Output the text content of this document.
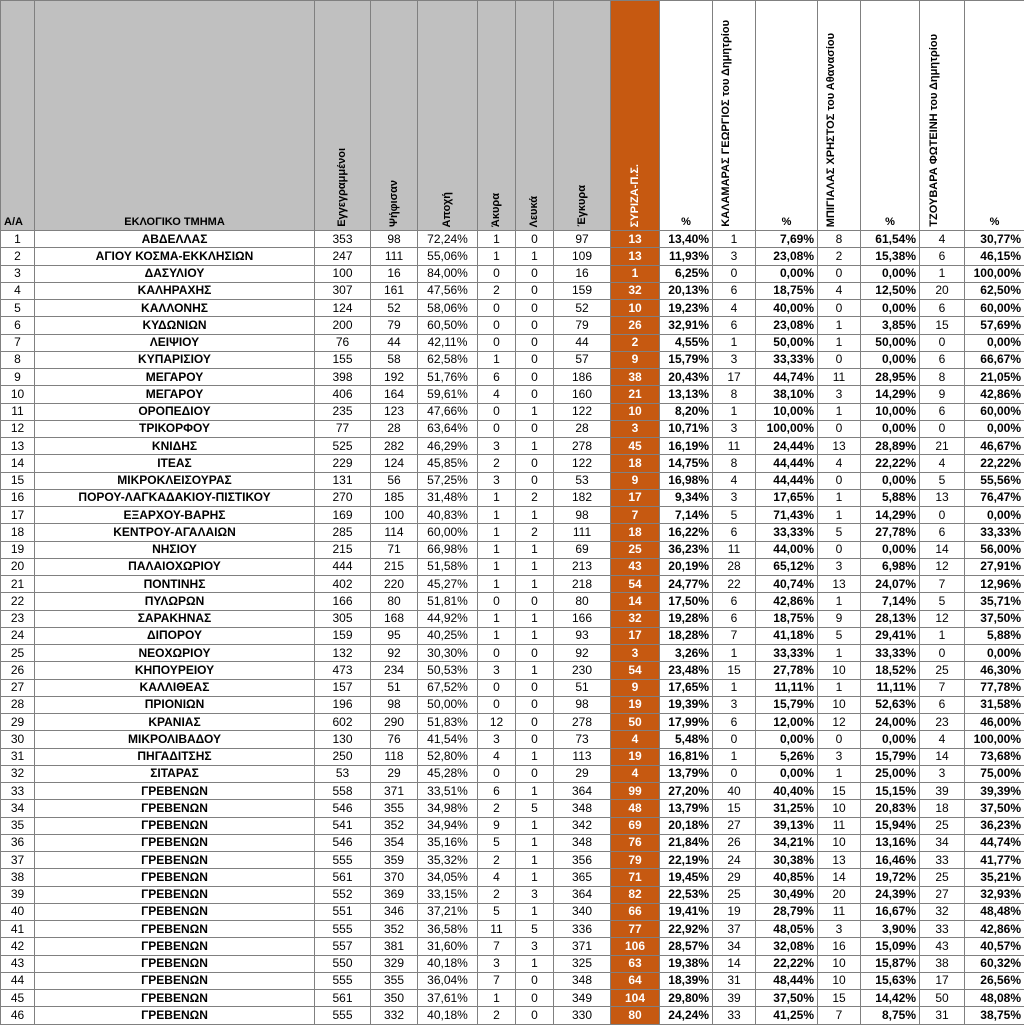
Α/Α	ΕΚΛΟΓΙΚΟ ΤΜΗΜΑ	Εγγεγραμμένοι	Ψήφισαν	Αποχή	Άκυρα	Λευκά	Έγκυρα	ΣΥΡΙΖΑ-Π.Σ.	%	ΚΑΛΑΜΑΡΑΣ ΓΕΩΡΓΙΟΣ του Δημητρίου	%	ΜΠΙΓΙΑΛΑΣ ΧΡΗΣΤΟΣ του Αθανασίου	%	ΤΖΟΥΒΑΡΑ ΦΩΤΕΙΝΗ του Δημητρίου	%

1	ΑΒΔΕΛΛΑΣ	353	98	72,24%	1	0	97	13	13,40%	1	7,69%	8	61,54%	4	30,77%
2	ΑΓΙΟΥ ΚΟΣΜΑ-ΕΚΚΛΗΣΙΩΝ	247	111	55,06%	1	1	109	13	11,93%	3	23,08%	2	15,38%	6	46,15%
3	ΔΑΣΥΛΙΟΥ	100	16	84,00%	0	0	16	1	6,25%	0	0,00%	0	0,00%	1	100,00%
4	ΚΑΛΗΡΑΧΗΣ	307	161	47,56%	2	0	159	32	20,13%	6	18,75%	4	12,50%	20	62,50%
5	ΚΑΛΛΟΝΗΣ	124	52	58,06%	0	0	52	10	19,23%	4	40,00%	0	0,00%	6	60,00%
6	ΚΥΔΩΝΙΩΝ	200	79	60,50%	0	0	79	26	32,91%	6	23,08%	1	3,85%	15	57,69%
7	ΛΕΙΨΙΟΥ	76	44	42,11%	0	0	44	2	4,55%	1	50,00%	1	50,00%	0	0,00%
8	ΚΥΠΑΡΙΣΙΟΥ	155	58	62,58%	1	0	57	9	15,79%	3	33,33%	0	0,00%	6	66,67%
9	ΜΕΓΑΡΟΥ	398	192	51,76%	6	0	186	38	20,43%	17	44,74%	11	28,95%	8	21,05%
10	ΜΕΓΑΡΟΥ	406	164	59,61%	4	0	160	21	13,13%	8	38,10%	3	14,29%	9	42,86%
11	ΟΡΟΠΕΔΙΟΥ	235	123	47,66%	0	1	122	10	8,20%	1	10,00%	1	10,00%	6	60,00%
12	ΤΡΙΚΟΡΦΟΥ	77	28	63,64%	0	0	28	3	10,71%	3	100,00%	0	0,00%	0	0,00%
13	ΚΝΙΔΗΣ	525	282	46,29%	3	1	278	45	16,19%	11	24,44%	13	28,89%	21	46,67%
14	ΙΤΕΑΣ	229	124	45,85%	2	0	122	18	14,75%	8	44,44%	4	22,22%	4	22,22%
15	ΜΙΚΡΟΚΛΕΙΣΟΥΡΑΣ	131	56	57,25%	3	0	53	9	16,98%	4	44,44%	0	0,00%	5	55,56%
16	ΠΟΡΟΥ-ΛΑΓΚΑΔΑΚΙΟΥ-ΠΙΣΤΙΚΟΥ	270	185	31,48%	1	2	182	17	9,34%	3	17,65%	1	5,88%	13	76,47%
17	ΕΞΑΡΧΟΥ-ΒΑΡΗΣ	169	100	40,83%	1	1	98	7	7,14%	5	71,43%	1	14,29%	0	0,00%
18	ΚΕΝΤΡΟΥ-ΑΓΑΛΑΙΩΝ	285	114	60,00%	1	2	111	18	16,22%	6	33,33%	5	27,78%	6	33,33%
19	ΝΗΣΙΟΥ	215	71	66,98%	1	1	69	25	36,23%	11	44,00%	0	0,00%	14	56,00%
20	ΠΑΛΑΙΟΧΩΡΙΟΥ	444	215	51,58%	1	1	213	43	20,19%	28	65,12%	3	6,98%	12	27,91%
21	ΠΟΝΤΙΝΗΣ	402	220	45,27%	1	1	218	54	24,77%	22	40,74%	13	24,07%	7	12,96%
22	ΠΥΛΩΡΩΝ	166	80	51,81%	0	0	80	14	17,50%	6	42,86%	1	7,14%	5	35,71%
23	ΣΑΡΑΚΗΝΑΣ	305	168	44,92%	1	1	166	32	19,28%	6	18,75%	9	28,13%	12	37,50%
24	ΔΙΠΟΡΟΥ	159	95	40,25%	1	1	93	17	18,28%	7	41,18%	5	29,41%	1	5,88%
25	ΝΕΟΧΩΡΙΟΥ	132	92	30,30%	0	0	92	3	3,26%	1	33,33%	1	33,33%	0	0,00%
26	ΚΗΠΟΥΡΕΙΟΥ	473	234	50,53%	3	1	230	54	23,48%	15	27,78%	10	18,52%	25	46,30%
27	ΚΑΛΛΙΘΕΑΣ	157	51	67,52%	0	0	51	9	17,65%	1	11,11%	1	11,11%	7	77,78%
28	ΠΡΙΟΝΙΩΝ	196	98	50,00%	0	0	98	19	19,39%	3	15,79%	10	52,63%	6	31,58%
29	ΚΡΑΝΙΑΣ	602	290	51,83%	12	0	278	50	17,99%	6	12,00%	12	24,00%	23	46,00%
30	ΜΙΚΡΟΛΙΒΑΔΟΥ	130	76	41,54%	3	0	73	4	5,48%	0	0,00%	0	0,00%	4	100,00%
31	ΠΗΓΑΔΙΤΣΗΣ	250	118	52,80%	4	1	113	19	16,81%	1	5,26%	3	15,79%	14	73,68%
32	ΣΙΤΑΡΑΣ	53	29	45,28%	0	0	29	4	13,79%	0	0,00%	1	25,00%	3	75,00%
33	ΓΡΕΒΕΝΩΝ	558	371	33,51%	6	1	364	99	27,20%	40	40,40%	15	15,15%	39	39,39%
34	ΓΡΕΒΕΝΩΝ	546	355	34,98%	2	5	348	48	13,79%	15	31,25%	10	20,83%	18	37,50%
35	ΓΡΕΒΕΝΩΝ	541	352	34,94%	9	1	342	69	20,18%	27	39,13%	11	15,94%	25	36,23%
36	ΓΡΕΒΕΝΩΝ	546	354	35,16%	5	1	348	76	21,84%	26	34,21%	10	13,16%	34	44,74%
37	ΓΡΕΒΕΝΩΝ	555	359	35,32%	2	1	356	79	22,19%	24	30,38%	13	16,46%	33	41,77%
38	ΓΡΕΒΕΝΩΝ	561	370	34,05%	4	1	365	71	19,45%	29	40,85%	14	19,72%	25	35,21%
39	ΓΡΕΒΕΝΩΝ	552	369	33,15%	2	3	364	82	22,53%	25	30,49%	20	24,39%	27	32,93%
40	ΓΡΕΒΕΝΩΝ	551	346	37,21%	5	1	340	66	19,41%	19	28,79%	11	16,67%	32	48,48%
41	ΓΡΕΒΕΝΩΝ	555	352	36,58%	11	5	336	77	22,92%	37	48,05%	3	3,90%	33	42,86%
42	ΓΡΕΒΕΝΩΝ	557	381	31,60%	7	3	371	106	28,57%	34	32,08%	16	15,09%	43	40,57%
43	ΓΡΕΒΕΝΩΝ	550	329	40,18%	3	1	325	63	19,38%	14	22,22%	10	15,87%	38	60,32%
44	ΓΡΕΒΕΝΩΝ	555	355	36,04%	7	0	348	64	18,39%	31	48,44%	10	15,63%	17	26,56%
45	ΓΡΕΒΕΝΩΝ	561	350	37,61%	1	0	349	104	29,80%	39	37,50%	15	14,42%	50	48,08%
46	ΓΡΕΒΕΝΩΝ	555	332	40,18%	2	0	330	80	24,24%	33	41,25%	7	8,75%	31	38,75%
